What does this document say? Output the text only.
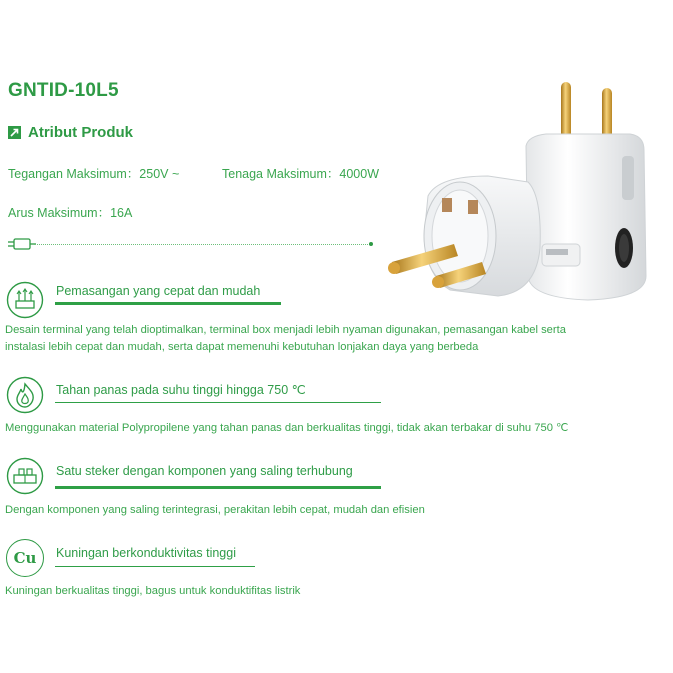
GNTID-10L5
Atribut Produk
Tegangan Maksimum：250V ~	Tenaga Maksimum：4000W
Arus Maksimum：16A
Pemasangan yang cepat dan mudah
Desain terminal yang telah dioptimalkan, terminal box menjadi lebih nyaman digunakan, pemasangan kabel serta
instalasi lebih cepat dan mudah, serta dapat memenuhi kebutuhan lonjakan daya yang berbeda
Tahan panas pada suhu tinggi hingga 750 ℃
Menggunakan material Polypropilene yang tahan panas dan berkualitas tinggi, tidak akan terbakar di suhu 750 ℃
Satu steker dengan komponen yang saling terhubung
Dengan komponen yang saling terintegrasi, perakitan lebih cepat, mudah dan efisien
Cu Kuningan berkonduktivitas tinggi
Kuningan berkualitas tinggi, bagus untuk konduktifitas listrik
